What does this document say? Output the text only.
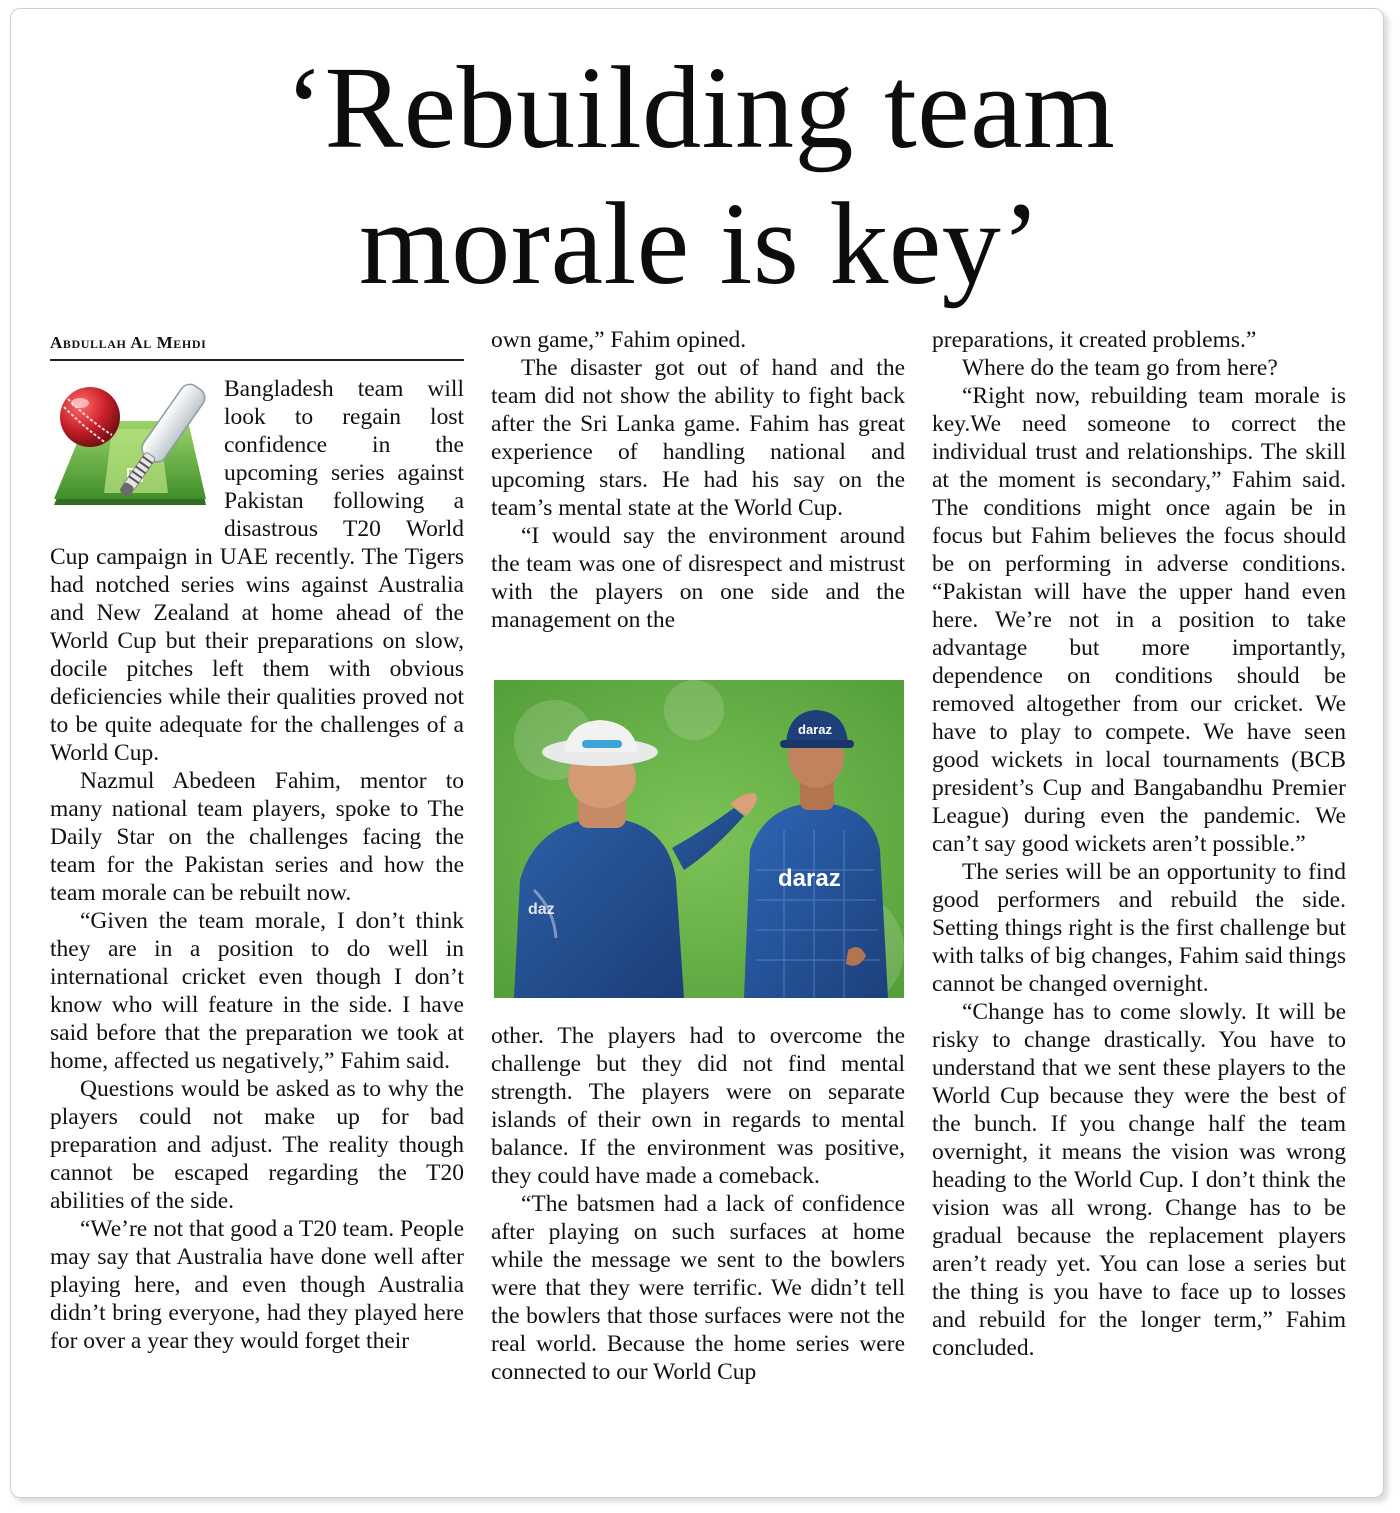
‘Rebuilding team
morale is key’
Abdullah Al Mehdi

Bangladesh team will look to regain lost confidence in the upcoming series against Pakistan following a disastrous T20 World Cup campaign in UAE recently. The Tigers had notched series wins against Australia and New Zealand at home ahead of the World Cup but their preparations on slow, docile pitches left them with obvious deficiencies while their qualities proved not to be quite adequate for the challenges of a World Cup.

Nazmul Abedeen Fahim, mentor to many national team players, spoke to The Daily Star on the challenges facing the team for the Pakistan series and how the team morale can be rebuilt now.

“Given the team morale, I don’t think they are in a position to do well in international cricket even though I don’t know who will feature in the side. I have said before that the preparation we took at home, affected us negatively,” Fahim said.

Questions would be asked as to why the players could not make up for bad preparation and adjust. The reality though cannot be escaped regarding the T20 abilities of the side.

“We’re not that good a T20 team. People may say that Australia have done well after playing here, and even though Australia didn’t bring everyone, had they played here for over a year they would forget their

own game,” Fahim opined.

The disaster got out of hand and the team did not show the ability to fight back after the Sri Lanka game. Fahim has great experience of handling national and upcoming stars. He had his say on the team’s mental state at the World Cup.

“I would say the environment around the team was one of disrespect and mistrust with the players on one side and the management on the

daz
daraz
daraz

other. The players had to overcome the challenge but they did not find mental strength. The players were on separate islands of their own in regards to mental balance. If the environment was positive, they could have made a comeback.

“The batsmen had a lack of confidence after playing on such surfaces at home while the message we sent to the bowlers were that they were terrific. We didn’t tell the bowlers that those surfaces were not the real world. Because the home series were connected to our World Cup

preparations, it created problems.”

Where do the team go from here?

“Right now, rebuilding team morale is key.We need someone to correct the individual trust and relationships. The skill at the moment is secondary,” Fahim said. The conditions might once again be in focus but Fahim believes the focus should be on performing in adverse conditions. “Pakistan will have the upper hand even here. We’re not in a position to take advantage but more importantly, dependence on conditions should be removed altogether from our cricket. We have to play to compete. We have seen good wickets in local tournaments (BCB president’s Cup and Bangabandhu Premier League) during even the pandemic. We can’t say good wickets aren’t possible.”

The series will be an opportunity to find good performers and rebuild the side. Setting things right is the first challenge but with talks of big changes, Fahim said things cannot be changed overnight.

“Change has to come slowly. It will be risky to change drastically. You have to understand that we sent these players to the World Cup because they were the best of the bunch. If you change half the team overnight, it means the vision was wrong heading to the World Cup. I don’t think the vision was all wrong. Change has to be gradual because the replacement players aren’t ready yet. You can lose a series but the thing is you have to face up to losses and rebuild for the longer term,” Fahim concluded.
